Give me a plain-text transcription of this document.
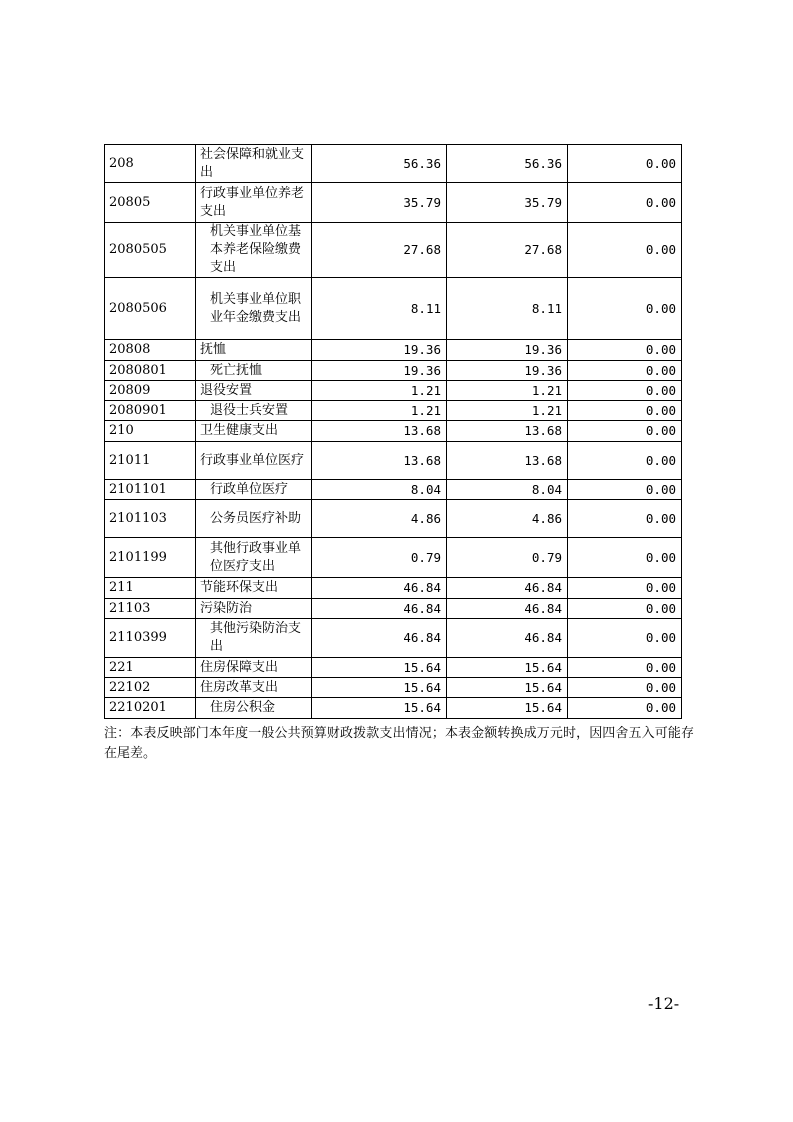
208	社会保障和就业支出	56.36	56.36	0.00
20805	行政事业单位养老支出	35.79	35.79	0.00
2080505	机关事业单位基本养老保险缴费支出	27.68	27.68	0.00
2080506	机关事业单位职业年金缴费支出	8.11	8.11	0.00
20808	抚恤	19.36	19.36	0.00
2080801	死亡抚恤	19.36	19.36	0.00
20809	退役安置	1.21	1.21	0.00
2080901	退役士兵安置	1.21	1.21	0.00
210	卫生健康支出	13.68	13.68	0.00
21011	行政事业单位医疗	13.68	13.68	0.00
2101101	行政单位医疗	8.04	8.04	0.00
2101103	公务员医疗补助	4.86	4.86	0.00
2101199	其他行政事业单位医疗支出	0.79	0.79	0.00
211	节能环保支出	46.84	46.84	0.00
21103	污染防治	46.84	46.84	0.00
2110399	其他污染防治支出	46.84	46.84	0.00
221	住房保障支出	15.64	15.64	0.00
22102	住房改革支出	15.64	15.64	0.00
2210201	住房公积金	15.64	15.64	0.00
注：本表反映部门本年度一般公共预算财政拨款支出情况；本表金额转换成万元时，因四舍五入可能存在尾差。
-12-
